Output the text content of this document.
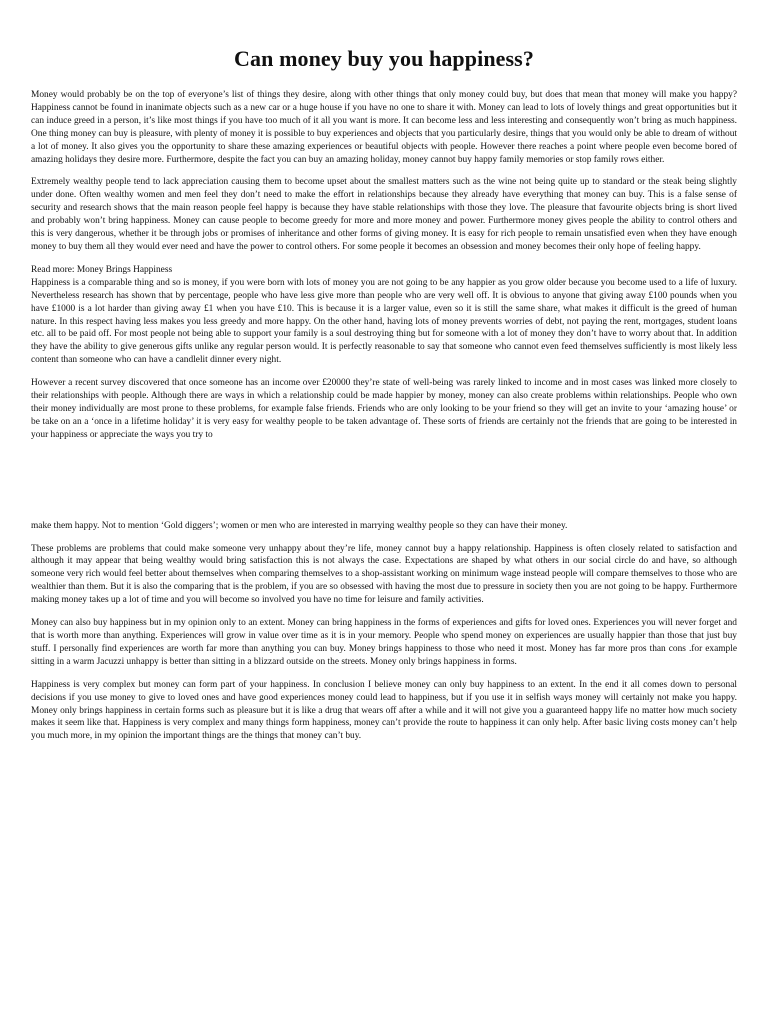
Can money buy you happiness?

Money would probably be on the top of everyone’s list of things they desire, along with other things that only money could buy, but does that mean that money will make you happy? Happiness cannot be found in inanimate objects such as a new car or a huge house if you have no one to share it with. Money can lead to lots of lovely things and great opportunities but it can induce greed in a person, it’s like most things if you have too much of it all you want is more. It can become less and less interesting and consequently won’t bring as much happiness. One thing money can buy is pleasure, with plenty of money it is possible to buy experiences and objects that you particularly desire, things that you would only be able to dream of without a lot of money. It also gives you the opportunity to share these amazing experiences or beautiful objects with people. However there reaches a point where people even become bored of amazing holidays they desire more. Furthermore, despite the fact you can buy an amazing holiday, money cannot buy happy family memories or stop family rows either.

Extremely wealthy people tend to lack appreciation causing them to become upset about the smallest matters such as the wine not being quite up to standard or the steak being slightly under done. Often wealthy women and men feel they don’t need to make the effort in relationships because they already have everything that money can buy. This is a false sense of security and research shows that the main reason people feel happy is because they have stable relationships with those they love. The pleasure that favourite objects bring is short lived and probably won’t bring happiness. Money can cause people to become greedy for more and more money and power. Furthermore money gives people the ability to control others and this is very dangerous, whether it be through jobs or promises of inheritance and other forms of giving money. It is easy for rich people to remain unsatisfied even when they have enough money to buy them all they would ever need and have the power to control others. For some people it becomes an obsession and money becomes their only hope of feeling happy.

Read more: Money Brings Happiness

Happiness is a comparable thing and so is money, if you were born with lots of money you are not going to be any happier as you grow older because you become used to a life of luxury. Nevertheless research has shown that by percentage, people who have less give more than people who are very well off. It is obvious to anyone that giving away £100 pounds when you have £1000 is a lot harder than giving away £1 when you have £10. This is because it is a larger value, even so it is still the same share, what makes it difficult is the greed of human nature. In this respect having less makes you less greedy and more happy. On the other hand, having lots of money prevents worries of debt, not paying the rent, mortgages, student loans etc. all to be paid off. For most people not being able to support your family is a soul destroying thing but for someone with a lot of money they don’t have to worry about that. In addition they have the ability to give generous gifts unlike any regular person would. It is perfectly reasonable to say that someone who cannot even feed themselves sufficiently is most likely less content than someone who can have a candlelit dinner every night.

However a recent survey discovered that once someone has an income over £20000 they’re state of well-being was rarely linked to income and in most cases was linked more closely to their relationships with people. Although there are ways in which a relationship could be made happier by money, money can also create problems within relationships. People who own their money individually are most prone to these problems, for example false friends. Friends who are only looking to be your friend so they will get an invite to your ‘amazing house’ or be take on an a ‘once in a lifetime holiday’ it is very easy for wealthy people to be taken advantage of. These sorts of friends are certainly not the friends that are going to be interested in your happiness or appreciate the ways you try to

make them happy. Not to mention ‘Gold diggers’; women or men who are interested in marrying wealthy people so they can have their money.

These problems are problems that could make someone very unhappy about they’re life, money cannot buy a happy relationship. Happiness is often closely related to satisfaction and although it may appear that being wealthy would bring satisfaction this is not always the case. Expectations are shaped by what others in our social circle do and have, so although someone very rich would feel better about themselves when comparing themselves to a shop-assistant working on minimum wage instead people will compare themselves to those who are wealthier than them. But it is also the comparing that is the problem, if you are so obsessed with having the most due to pressure in society then you are not going to be happy. Furthermore making money takes up a lot of time and you will become so involved you have no time for leisure and family activities.

Money can also buy happiness but in my opinion only to an extent. Money can bring happiness in the forms of experiences and gifts for loved ones. Experiences you will never forget and that is worth more than anything. Experiences will grow in value over time as it is in your memory. People who spend money on experiences are usually happier than those that just buy stuff. I personally find experiences are worth far more than anything you can buy. Money brings happiness to those who need it most. Money has far more pros than cons .for example sitting in a warm Jacuzzi unhappy is better than sitting in a blizzard outside on the streets. Money only brings happiness in forms.

Happiness is very complex but money can form part of your happiness. In conclusion I believe money can only buy happiness to an extent. In the end it all comes down to personal decisions if you use money to give to loved ones and have good experiences money could lead to happiness, but if you use it in selfish ways money will certainly not make you happy. Money only brings happiness in certain forms such as pleasure but it is like a drug that wears off after a while and it will not give you a guaranteed happy life no matter how much society makes it seem like that. Happiness is very complex and many things form happiness, money can’t provide the route to happiness it can only help. After basic living costs money can’t help you much more, in my opinion the important things are the things that money can’t buy.
